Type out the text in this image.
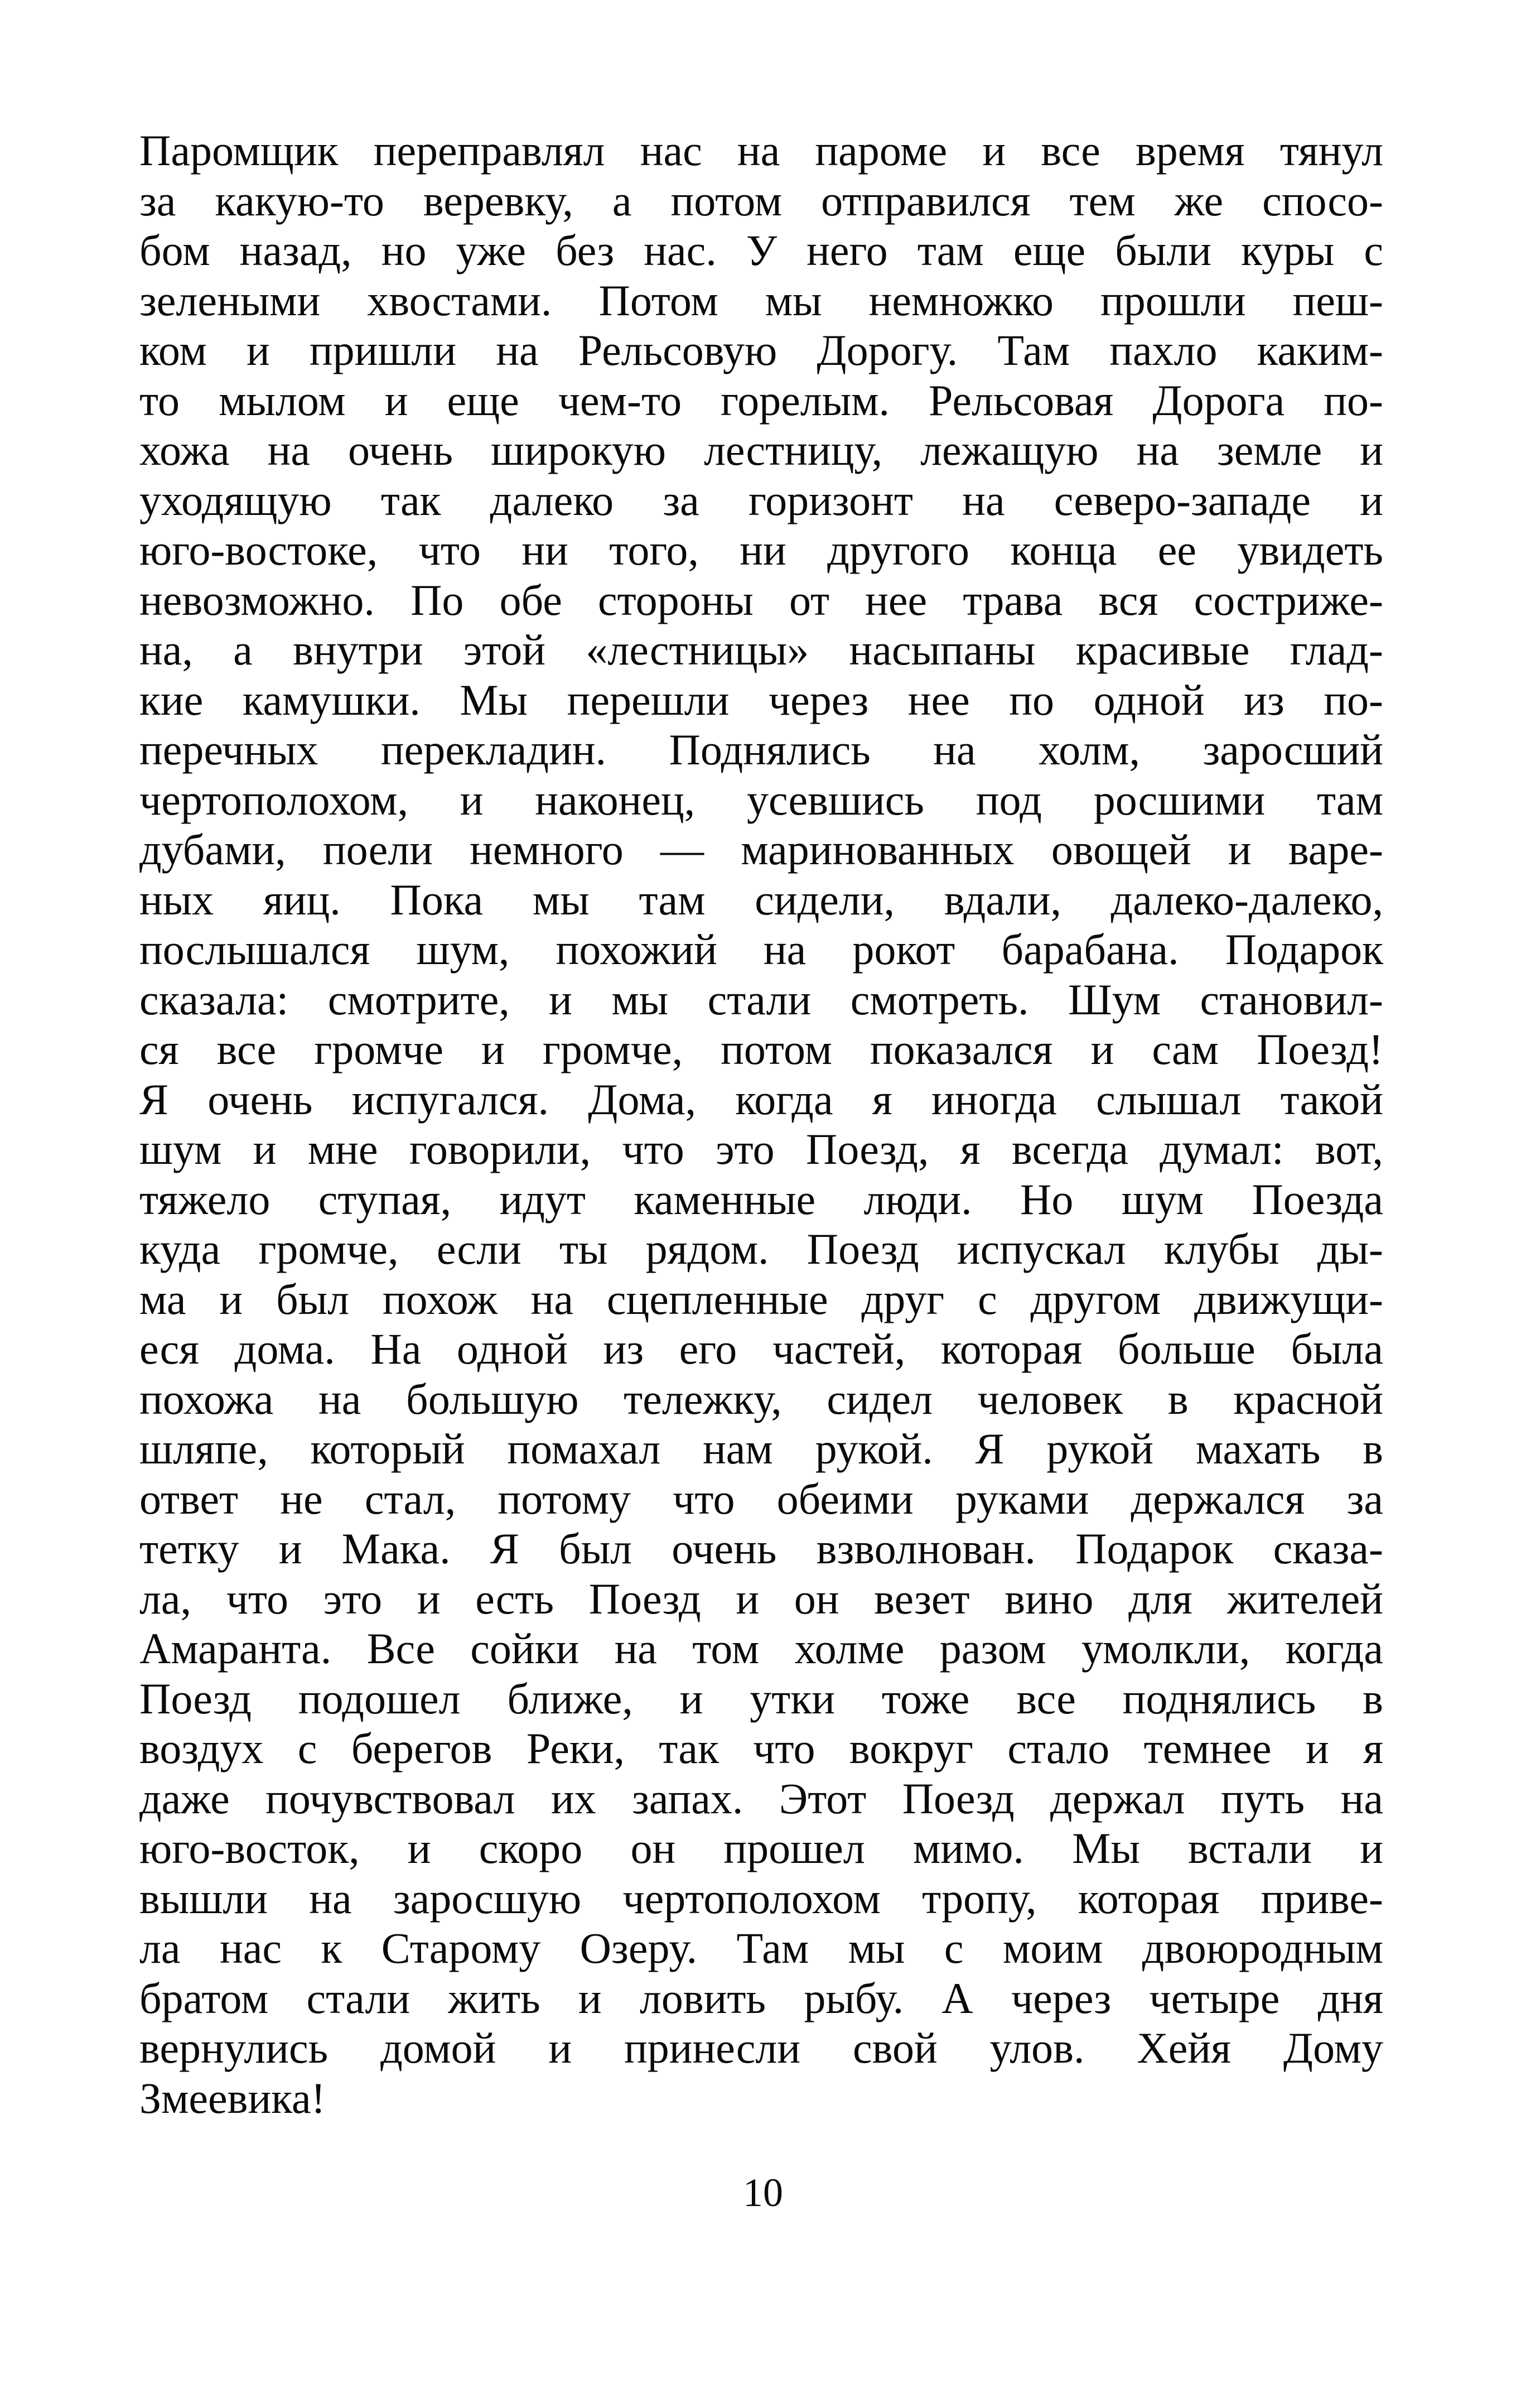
Паромщик переправлял нас на пароме и все время тянул
за какую-то веревку, а потом отправился тем же спосо-
бом назад, но уже без нас. У него там еще были куры с
зелеными хвостами. Потом мы немножко прошли пеш-
ком и пришли на Рельсовую Дорогу. Там пахло каким-
то мылом и еще чем-то горелым. Рельсовая Дорога по-
хожа на очень широкую лестницу, лежащую на земле и
уходящую так далеко за горизонт на северо-западе и
юго-востоке, что ни того, ни другого конца ее увидеть
невозможно. По обе стороны от нее трава вся состриже-
на, а внутри этой «лестницы» насыпаны красивые глад-
кие камушки. Мы перешли через нее по одной из по-
перечных перекладин. Поднялись на холм, заросший
чертополохом, и наконец, усевшись под росшими там
дубами, поели немного — маринованных овощей и варе-
ных яиц. Пока мы там сидели, вдали, далеко-далеко,
послышался шум, похожий на рокот барабана. Подарок
сказала: смотрите, и мы стали смотреть. Шум становил-
ся все громче и громче, потом показался и сам Поезд!
Я очень испугался. Дома, когда я иногда слышал такой
шум и мне говорили, что это Поезд, я всегда думал: вот,
тяжело ступая, идут каменные люди. Но шум Поезда
куда громче, если ты рядом. Поезд испускал клубы ды-
ма и был похож на сцепленные друг с другом движущи-
еся дома. На одной из его частей, которая больше была
похожа на большую тележку, сидел человек в красной
шляпе, который помахал нам рукой. Я рукой махать в
ответ не стал, потому что обеими руками держался за
тетку и Мака. Я был очень взволнован. Подарок сказа-
ла, что это и есть Поезд и он везет вино для жителей
Амаранта. Все сойки на том холме разом умолкли, когда
Поезд подошел ближе, и утки тоже все поднялись в
воздух с берегов Реки, так что вокруг стало темнее и я
даже почувствовал их запах. Этот Поезд держал путь на
юго-восток, и скоро он прошел мимо. Мы встали и
вышли на заросшую чертополохом тропу, которая приве-
ла нас к Старому Озеру. Там мы с моим двоюродным
братом стали жить и ловить рыбу. А через четыре дня
вернулись домой и принесли свой улов. Хейя Дому
Змеевика!
10
